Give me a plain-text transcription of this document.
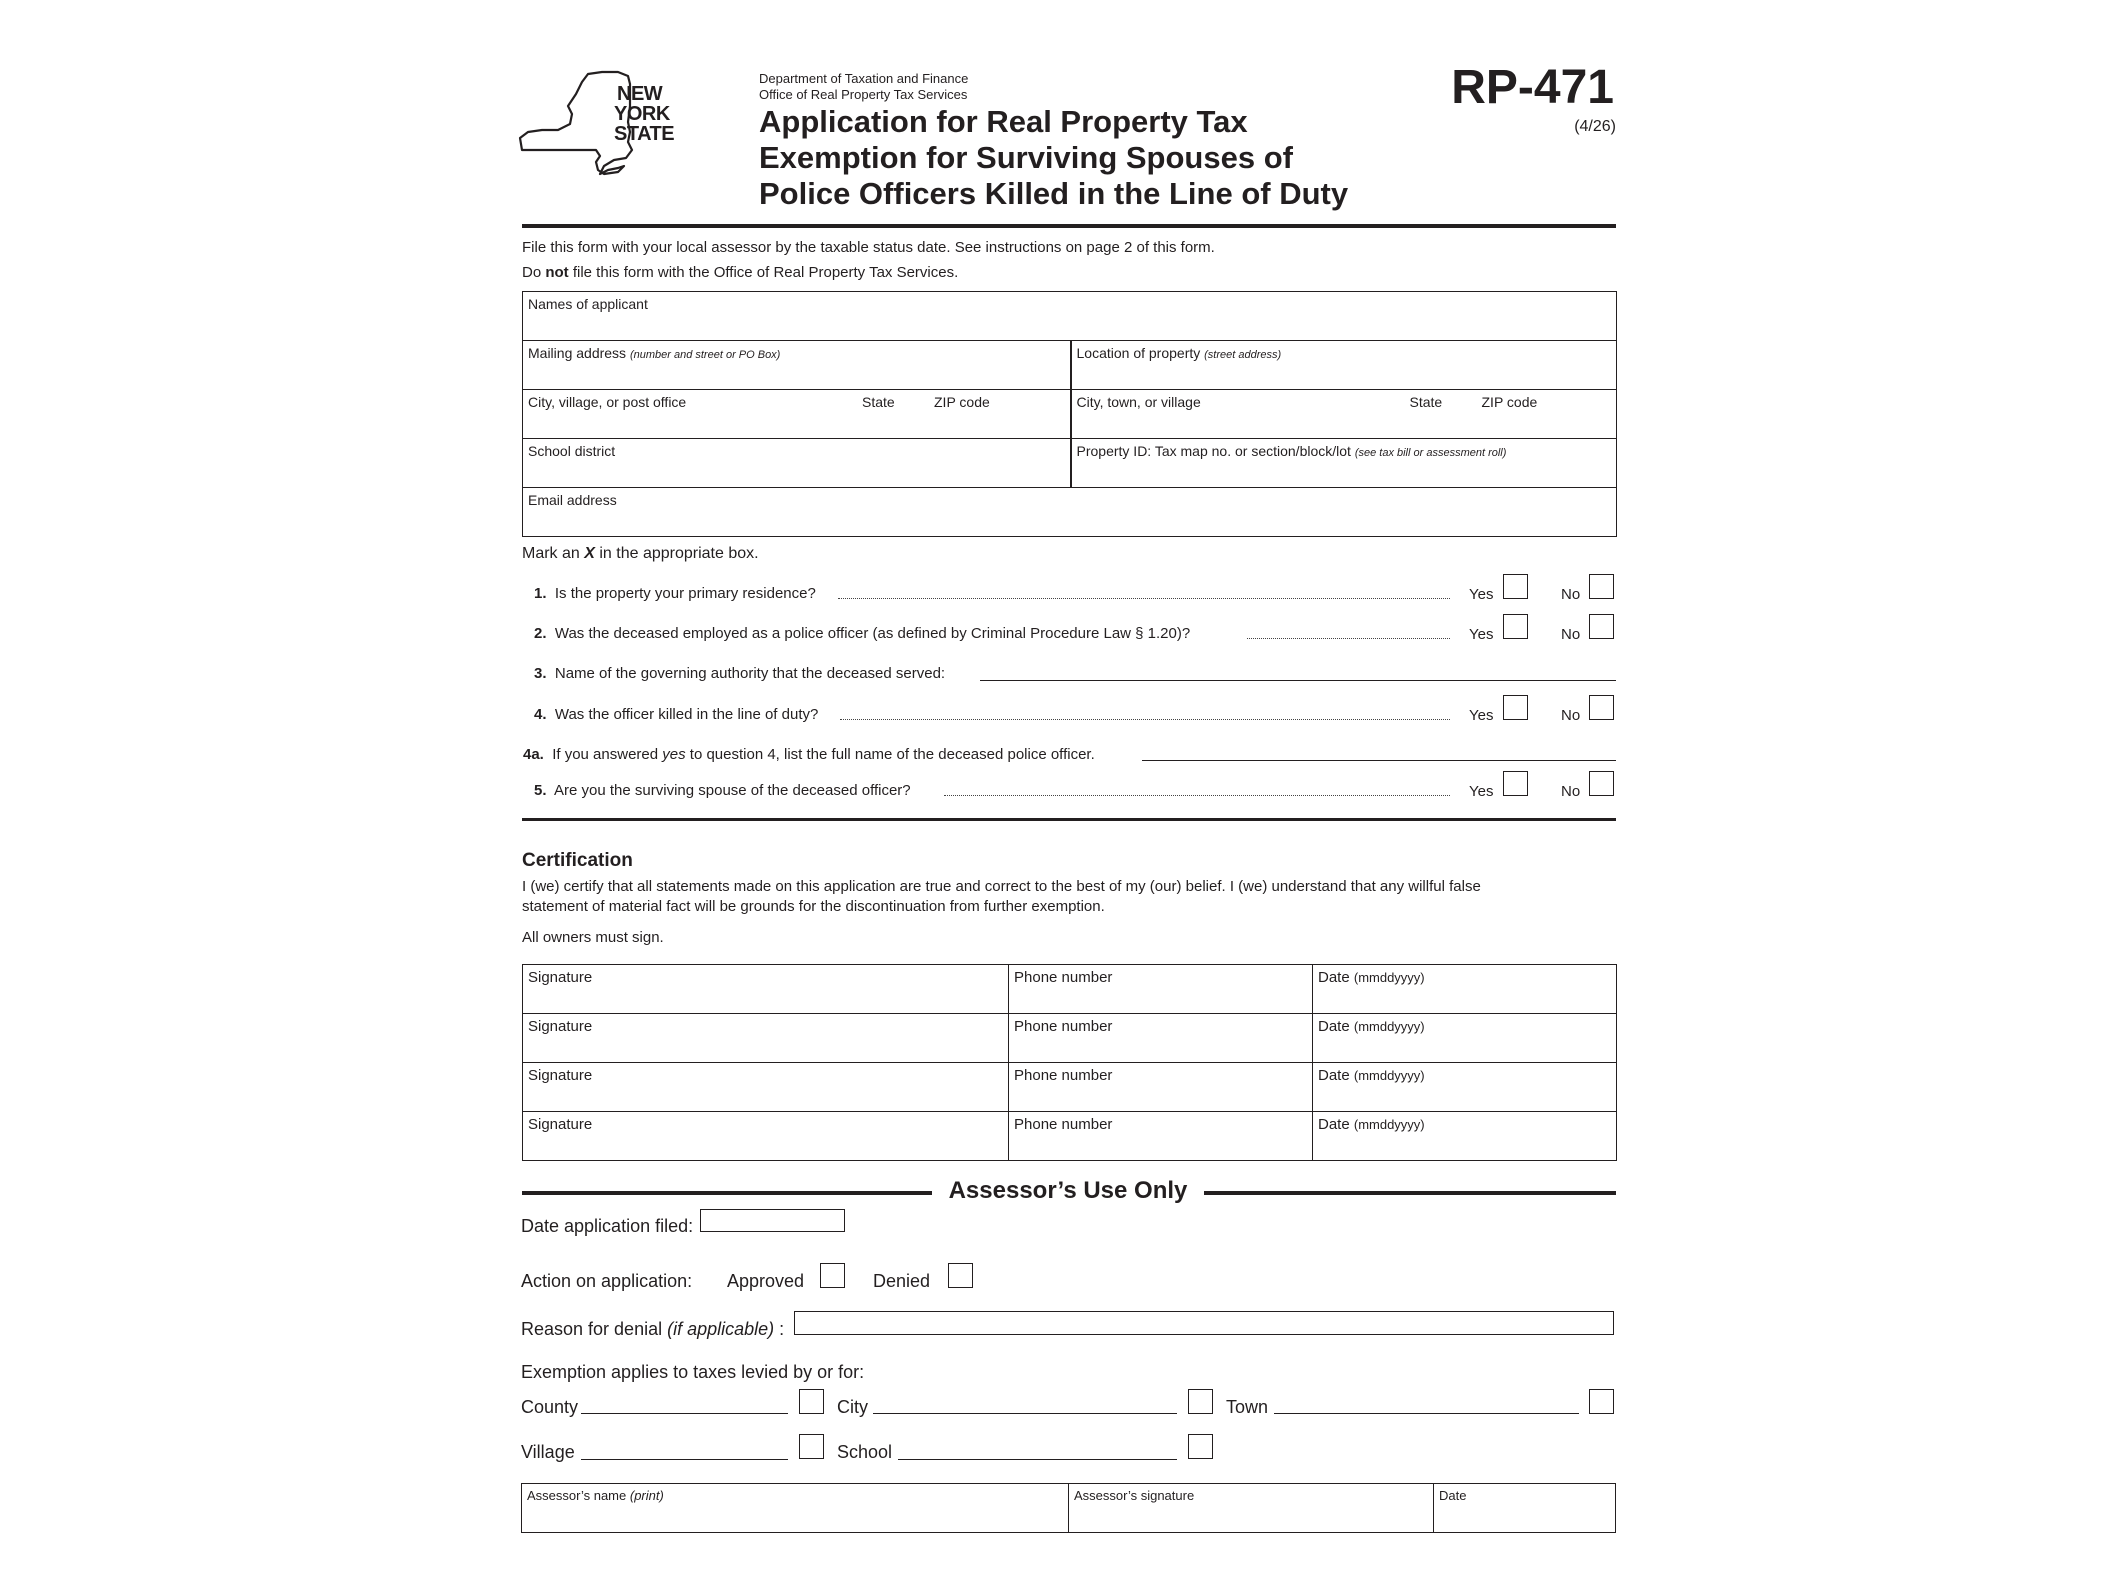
NEW
YORK
STATE
Department of Taxation and Finance
Office of Real Property Tax Services
Application for Real Property Tax
Exemption for Surviving Spouses of
Police Officers Killed in the Line of Duty
RP-471
(4/26)
File this form with your local assessor by the taxable status date. See instructions on page 2 of this form.
Do not file this form with the Office of Real Property Tax Services.
Names of applicant	
Mailing address (number and street or PO Box)	Location of property (street address)
City, village, or post office State ZIP code	City, town, or village State ZIP code

School district	Property ID: Tax map no. or section/block/lot (see tax bill or assessment roll)
Email address	
Mark an X in the appropriate box.
1. Is the property your primary residence?	Yes	No
2. Was the deceased employed as a police officer (as defined by Criminal Procedure Law § 1.20)?	Yes	No
3. Name of the governing authority that the deceased served:
4. Was the officer killed in the line of duty?	Yes	No
4a. If you answered yes to question 4, list the full name of the deceased police officer.
5. Are you the surviving spouse of the deceased officer?	Yes	No
Certification
I (we) certify that all statements made on this application are true and correct to the best of my (our) belief. I (we) understand that any willful false
statement of material fact will be grounds for the discontinuation from further exemption.
All owners must sign.
Signature	Phone number	Date (mmddyyyy)
Signature	Phone number	Date (mmddyyyy)
Signature	Phone number	Date (mmddyyyy)
Signature	Phone number	Date (mmddyyyy)
Assessor’s Use Only
Date application filed:
Action on application: Approved	Denied
Reason for denial (if applicable) :
Exemption applies to taxes levied by or for:
County	City	Town
Village	School
Assessor’s name (print)	Assessor’s signature	Date
